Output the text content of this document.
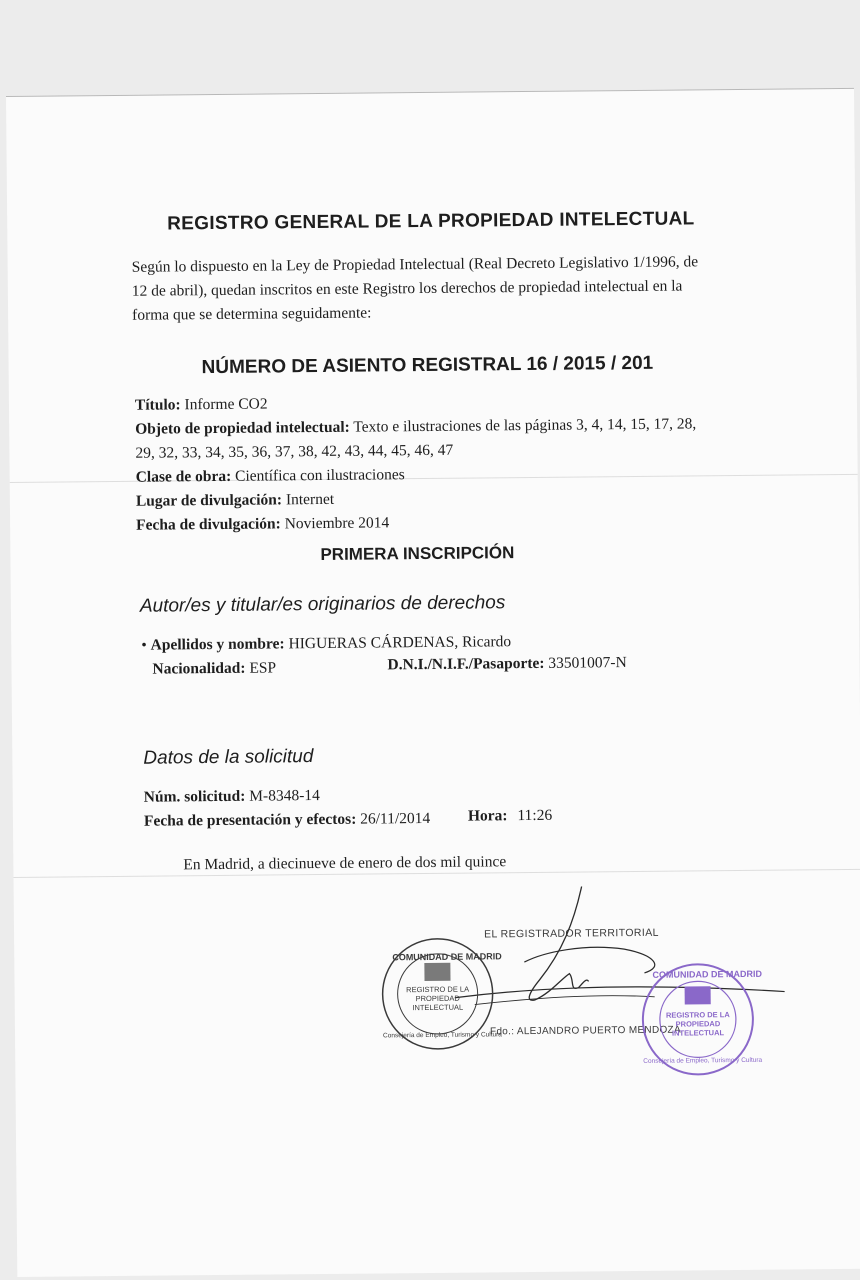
REGISTRO GENERAL DE LA PROPIEDAD INTELECTUAL
Según lo dispuesto en la Ley de Propiedad Intelectual (Real Decreto Legislativo 1/1996, de
12 de abril), quedan inscritos en este Registro los derechos de propiedad intelectual en la
forma que se determina seguidamente:
NÚMERO DE ASIENTO REGISTRAL 16 / 2015 / 201
Título: Informe CO2
Objeto de propiedad intelectual: Texto e ilustraciones de las páginas 3, 4, 14, 15, 17, 28,
29, 32, 33, 34, 35, 36, 37, 38, 42, 43, 44, 45, 46, 47
Clase de obra: Científica con ilustraciones
Lugar de divulgación: Internet
Fecha de divulgación: Noviembre 2014
PRIMERA INSCRIPCIÓN
Autor/es y titular/es originarios de derechos
• Apellidos y nombre: HIGUERAS CÁRDENAS, Ricardo
Nacionalidad: ESP	D.N.I./N.I.F./Pasaporte: 33501007-N
Datos de la solicitud
Núm. solicitud: M-8348-14
Fecha de presentación y efectos: 26/11/2014 Hora: 11:26
En Madrid, a diecinueve de enero de dos mil quince
EL REGISTRADOR TERRITORIAL
Fdo.: ALEJANDRO PUERTO MENDOZA
COMUNIDAD DE MADRID
REGISTRO DE LA
PROPIEDAD
INTELECTUAL
Consejería de Empleo, Turismo y Cultura
COMUNIDAD DE MADRID
REGISTRO DE LA
PROPIEDAD
INTELECTUAL
Consejería de Empleo, Turismo y Cultura
